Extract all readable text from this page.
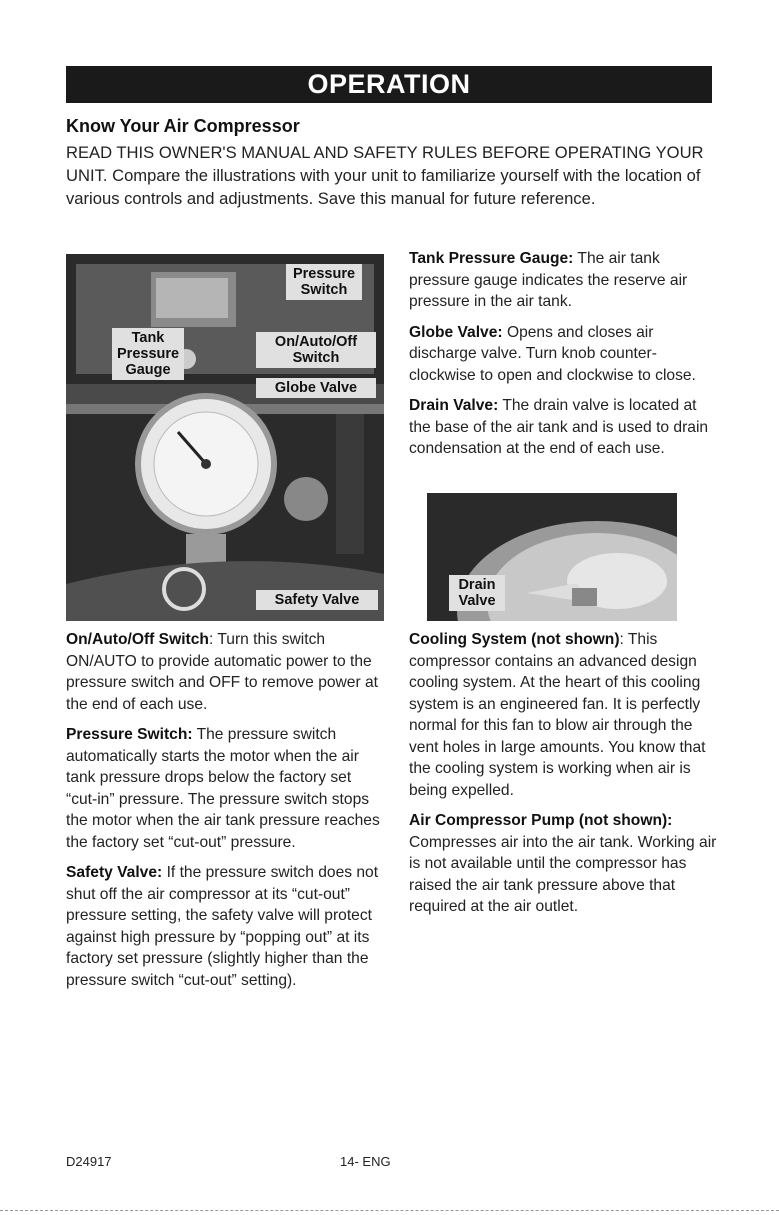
OPERATION
Know Your Air Compressor

READ THIS OWNER'S MANUAL AND SAFETY RULES BEFORE OPERATING YOUR UNIT. Compare the illustrations with your unit to familiarize yourself with the location of various controls and adjustments. Save this manual for future reference.

Pressure Switch
Tank Pressure Gauge
On/Auto/Off Switch
Globe Valve
Safety Valve

Tank Pressure Gauge: The air tank pressure gauge indicates the reserve air pressure in the air tank.

Globe Valve: Opens and closes air discharge valve. Turn knob counter-clockwise to open and clockwise to close.

Drain Valve: The drain valve is located at the base of the air tank and is used to drain condensation at the end of each use.

Drain Valve

On/Auto/Off Switch: Turn this switch ON/AUTO to provide automatic power to the pressure switch and OFF to remove power at the end of each use.

Pressure Switch: The pressure switch automatically starts the motor when the air tank pressure drops below the factory set “cut-in” pressure. The pressure switch stops the motor when the air tank pressure reaches the factory set “cut-out” pressure.

Safety Valve: If the pressure switch does not shut off the air compressor at its “cut-out” pressure setting, the safety valve will protect against high pressure by “popping out” at its factory set pressure (slightly higher than the pressure switch “cut-out” setting).

Cooling System (not shown): This compressor contains an advanced design cooling system. At the heart of this cooling system is an engineered fan. It is perfectly normal for this fan to blow air through the vent holes in large amounts. You know that the cooling system is working when air is being expelled.

Air Compressor Pump (not shown): Compresses air into the air tank. Working air is not available until the compressor has raised the air tank pressure above that required at the air outlet.

D24917	14- ENG
